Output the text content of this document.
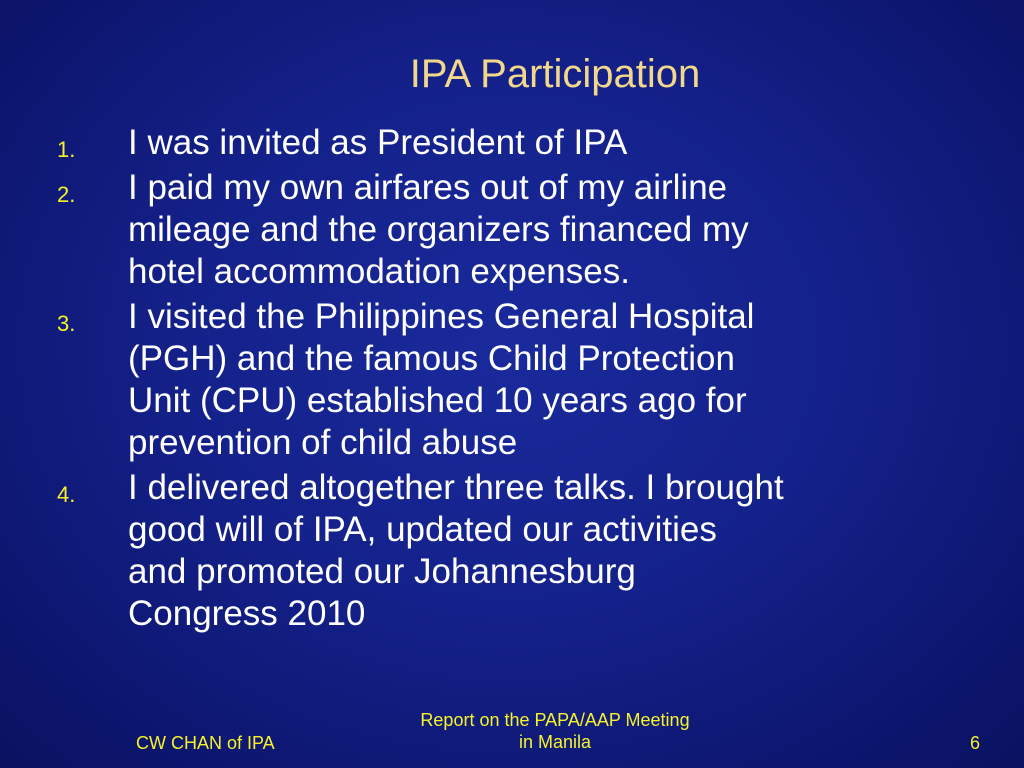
IPA Participation
1. I was invited as President of IPA
2. I paid my own airfares out of my airline
mileage and the organizers financed my
hotel accommodation expenses.
3. I visited the Philippines General Hospital
(PGH) and the famous Child Protection
Unit (CPU) established 10 years ago for
prevention of child abuse
4. I delivered altogether three talks. I brought
good will of IPA, updated our activities
and promoted our Johannesburg
Congress 2010
CW CHAN of IPA
Report on the PAPA/AAP Meeting
in Manila	6
